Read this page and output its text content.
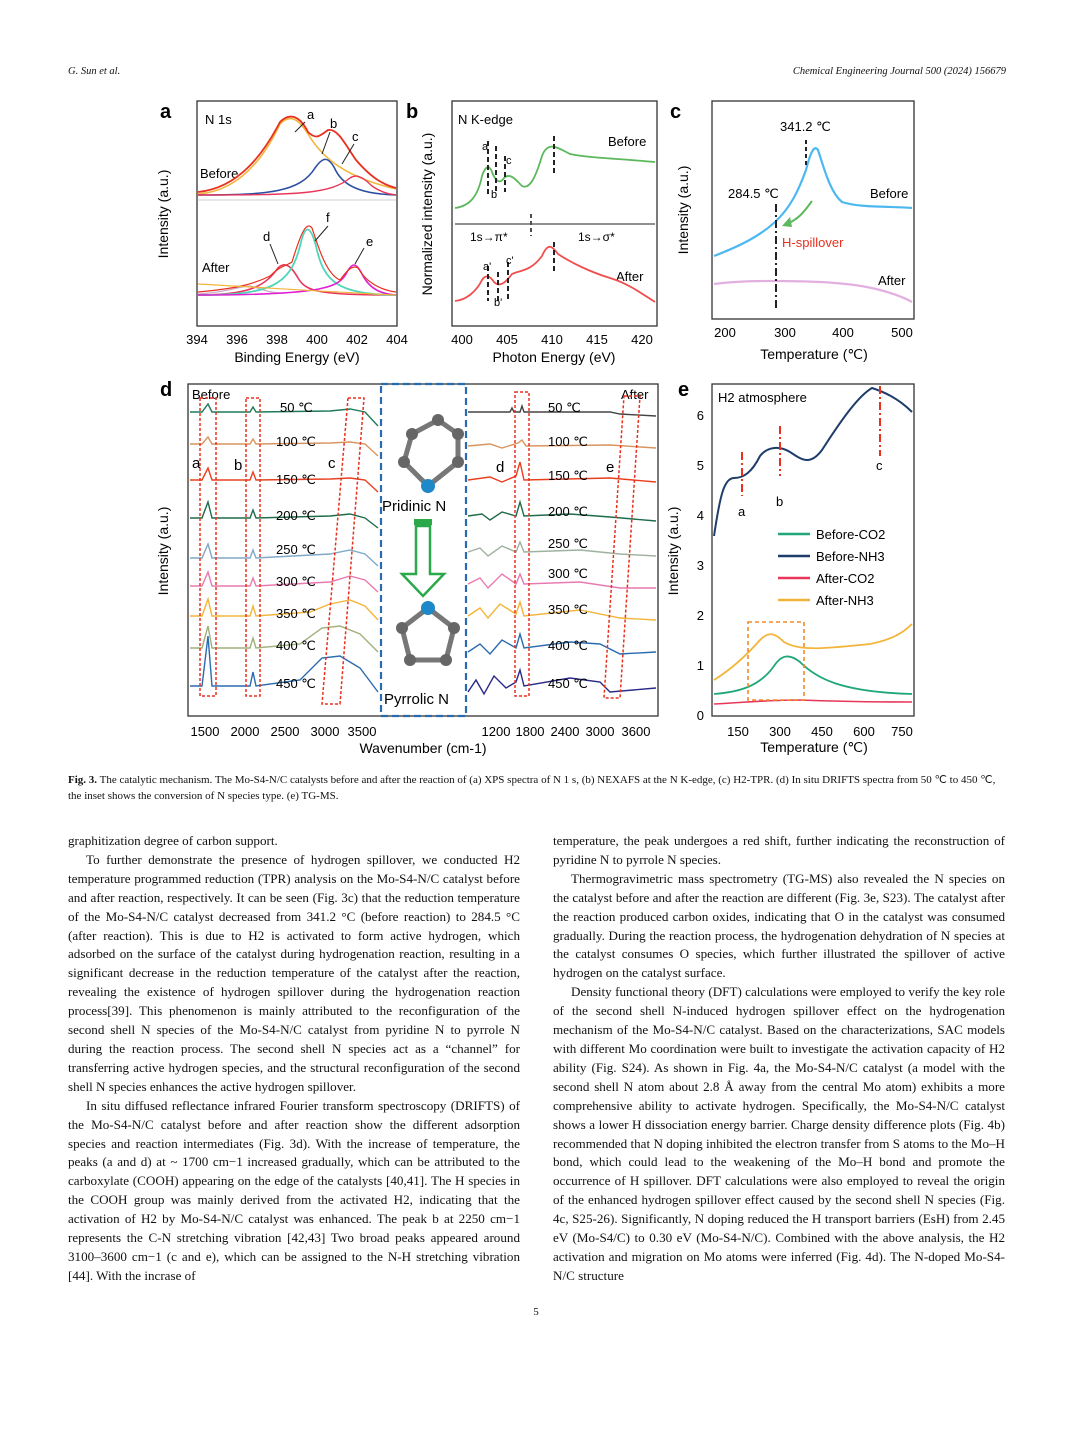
G. Sun et al.	Chemical Engineering Journal 500 (2024) 156679
a	N 1s
Before
After
a
b
c
d
f
e
394 396 398 400 402 404
Binding Energy (eV)
Intensity (a.u.)
b	N K-edge
Before
After
a
b
c
1s→π*	1s→σ*
a'
b'
c'
400 405 410 415 420
Photon Energy (eV)
Normalized intensity (a.u.)
c
341.2 ℃
284.5 ℃
H-spillover
Before
After
200	300	400	500
Temperature (℃)
Intensity (a.u.)
d Before	After
a b	c
50 ℃
100 ℃
150 ℃
200 ℃
250 ℃
300 ℃
350 ℃
400 ℃
450 ℃
Pridinic N
Pyrrolic N
d	e
50 ℃
100 ℃
150 ℃
200 ℃
250 ℃
300 ℃
350 ℃
400 ℃
450 ℃
1500 2000 2500 3000 3500	1200 1800 2400 3000 3600
Wavenumber (cm-1)
Intensity (a.u.)
e H2 atmosphere
a
b
c
Before-CO2
Before-NH3
After-CO2
After-NH3
0
1
2
3
4
5
6
150 300 450 600 750
Temperature (℃)
Intensity (a.u.)
Fig. 3. The catalytic mechanism. The Mo-S4-N/C catalysts before and after the reaction of (a) XPS spectra of N 1 s, (b) NEXAFS at the N K-edge, (c) H2-TPR. (d) In situ DRIFTS spectra from 50 ℃ to 450 ℃, the inset shows the conversion of N species type. (e) TG-MS.

graphitization degree of carbon support.

To further demonstrate the presence of hydrogen spillover, we conducted H2 temperature programmed reduction (TPR) analysis on the Mo-S4-N/C catalyst before and after reaction, respectively. It can be seen (Fig. 3c) that the reduction temperature of the Mo-S4-N/C catalyst decreased from 341.2 °C (before reaction) to 284.5 °C (after reaction). This is due to H2 is activated to form active hydrogen, which adsorbed on the surface of the catalyst during hydrogenation reaction, resulting in a significant decrease in the reduction temperature of the catalyst after the reaction, revealing the existence of hydrogen spillover during the hydrogenation reaction process[39]. This phenomenon is mainly attributed to the reconfiguration of the second shell N species of the Mo-S4-N/C catalyst from pyridine N to pyrrole N during the reaction process. The second shell N species act as a “channel” for transferring active hydrogen species, and the structural reconfiguration of the second shell N species enhances the active hydrogen spillover.

In situ diffused reflectance infrared Fourier transform spectroscopy (DRIFTS) of the Mo-S4-N/C catalyst before and after reaction show the different adsorption species and reaction intermediates (Fig. 3d). With the increase of temperature, the peaks (a and d) at ~ 1700 cm−1 increased gradually, which can be attributed to the carboxylate (COOH) appearing on the edge of the catalysts [40,41]. The H species in the COOH group was mainly derived from the activated H2, indicating that the activation of H2 by Mo-S4-N/C catalyst was enhanced. The peak b at 2250 cm−1 represents the C-N stretching vibration [42,43] Two broad peaks appeared around 3100–3600 cm−1 (c and e), which can be assigned to the N-H stretching vibration [44]. With the incrase of

temperature, the peak undergoes a red shift, further indicating the reconstruction of pyridine N to pyrrole N species.

Thermogravimetric mass spectrometry (TG-MS) also revealed the N species on the catalyst before and after the reaction are different (Fig. 3e, S23). The catalyst after the reaction produced carbon oxides, indicating that O in the catalyst was consumed gradually. During the reaction process, the hydrogenation dehydration of N species at the catalyst consumes O species, which further illustrated the spillover of active hydrogen on the catalyst surface.

Density functional theory (DFT) calculations were employed to verify the key role of the second shell N-induced hydrogen spillover effect on the hydrogenation mechanism of the Mo-S4-N/C catalyst. Based on the characterizations, SAC models with different Mo coordination were built to investigate the activation capacity of H2 ability (Fig. S24). As shown in Fig. 4a, the Mo-S4-N/C catalyst (a model with the second shell N atom about 2.8 Å away from the central Mo atom) exhibits a more comprehensive ability to activate hydrogen. Specifically, the Mo-S4-N/C catalyst shows a lower H dissociation energy barrier. Charge density difference plots (Fig. 4b) recommended that N doping inhibited the electron transfer from S atoms to the Mo–H bond, which could lead to the weakening of the Mo–H bond and promote the occurrence of H spillover. DFT calculations were also employed to reveal the origin of the enhanced hydrogen spillover effect caused by the second shell N species (Fig. 4c, S25-26). Significantly, N doping reduced the H transport barriers (EsH) from 2.45 eV (Mo-S4/C) to 0.30 eV (Mo-S4-N/C). Combined with the above analysis, the H2 activation and migration on Mo atoms were inferred (Fig. 4d). The N-doped Mo-S4-N/C structure

5
